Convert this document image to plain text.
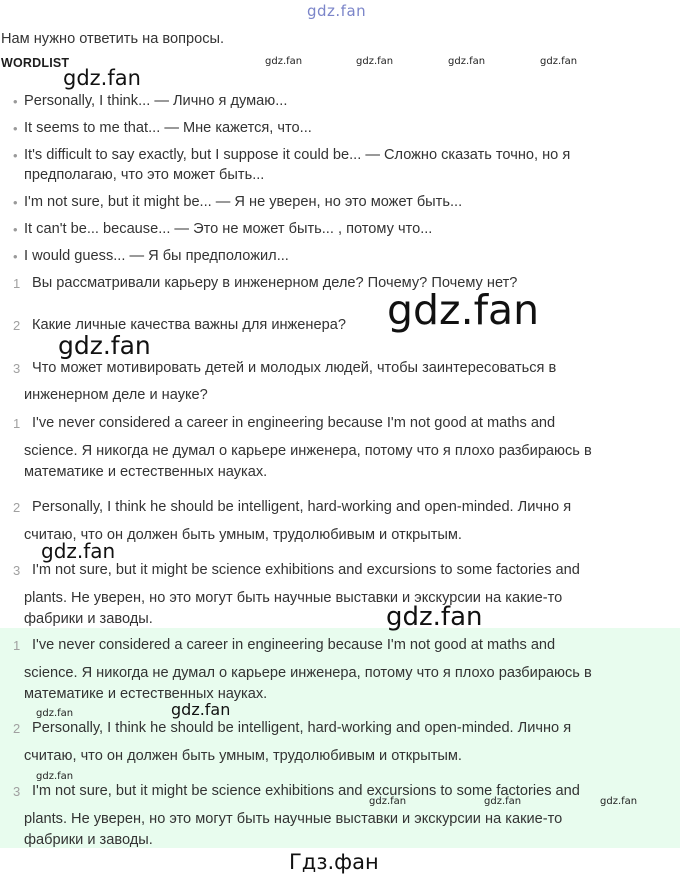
gdz.fan
Нам нужно ответить на вопросы.
WORDLIST	gdz.fan	gdz.fan	gdz.fan	gdz.fan
gdz.fan
• Personally, I think... — Лично я думаю...
• It seems to me that... — Мне кажется, что...
• It's difficult to say exactly, but I suppose it could be... — Сложно сказать точно, но я
предполагаю, что это может быть...
• I'm not sure, but it might be... — Я не уверен, но это может быть...
• It can't be... because... — Это не может быть... , потому что...
• I would guess... — Я бы предположил...
1 Вы рассматривали карьеру в инженерном деле? Почему? Почему нет?
2 Какие личные качества важны для инженера?
3 Что может мотивировать детей и молодых людей, чтобы заинтересоваться в
инженерном деле и науке?
gdz.fan
gdz.fan
1 I've never considered a career in engineering because I'm not good at maths and
science. Я никогда не думал о карьере инженера, потому что я плохо разбираюсь в
математике и естественных науках.
2 Personally, I think he should be intelligent, hard-working and open-minded. Лично я
считаю, что он должен быть умным, трудолюбивым и открытым.
3 I'm not sure, but it might be science exhibitions and excursions to some factories and
plants. Не уверен, но это могут быть научные выставки и экскурсии на какие-то
фабрики и заводы.
gdz.fan
gdz.fan
1 I've never considered a career in engineering because I'm not good at maths and
science. Я никогда не думал о карьере инженера, потому что я плохо разбираюсь в
математике и естественных науках.
2 Personally, I think he should be intelligent, hard-working and open-minded. Лично я
считаю, что он должен быть умным, трудолюбивым и открытым.
3 I'm not sure, but it might be science exhibitions and excursions to some factories and
plants. Не уверен, но это могут быть научные выставки и экскурсии на какие-то
фабрики и заводы.
gdz.fan	gdz.fan
gdz.fan
gdz.fan	gdz.fan	gdz.fan
Гдз.фан
